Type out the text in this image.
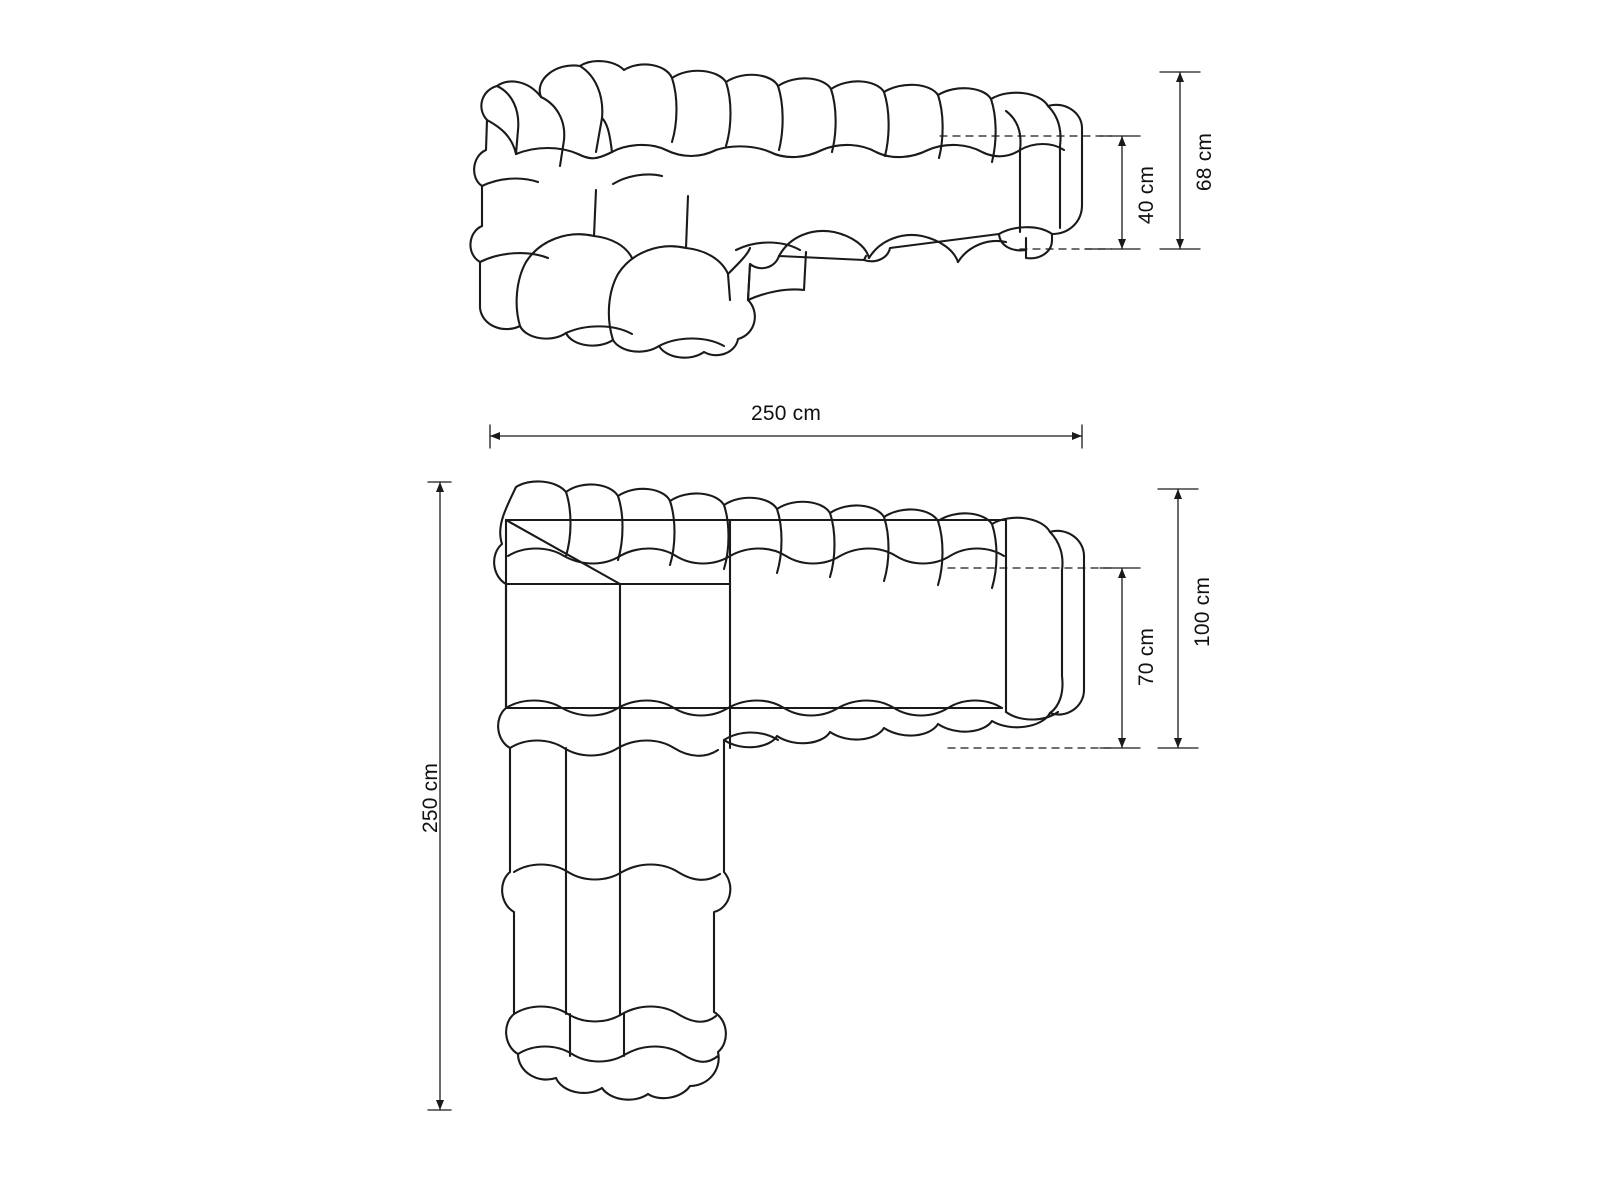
68 cm
40 cm
250 cm
250 cm
100 cm
70 cm
